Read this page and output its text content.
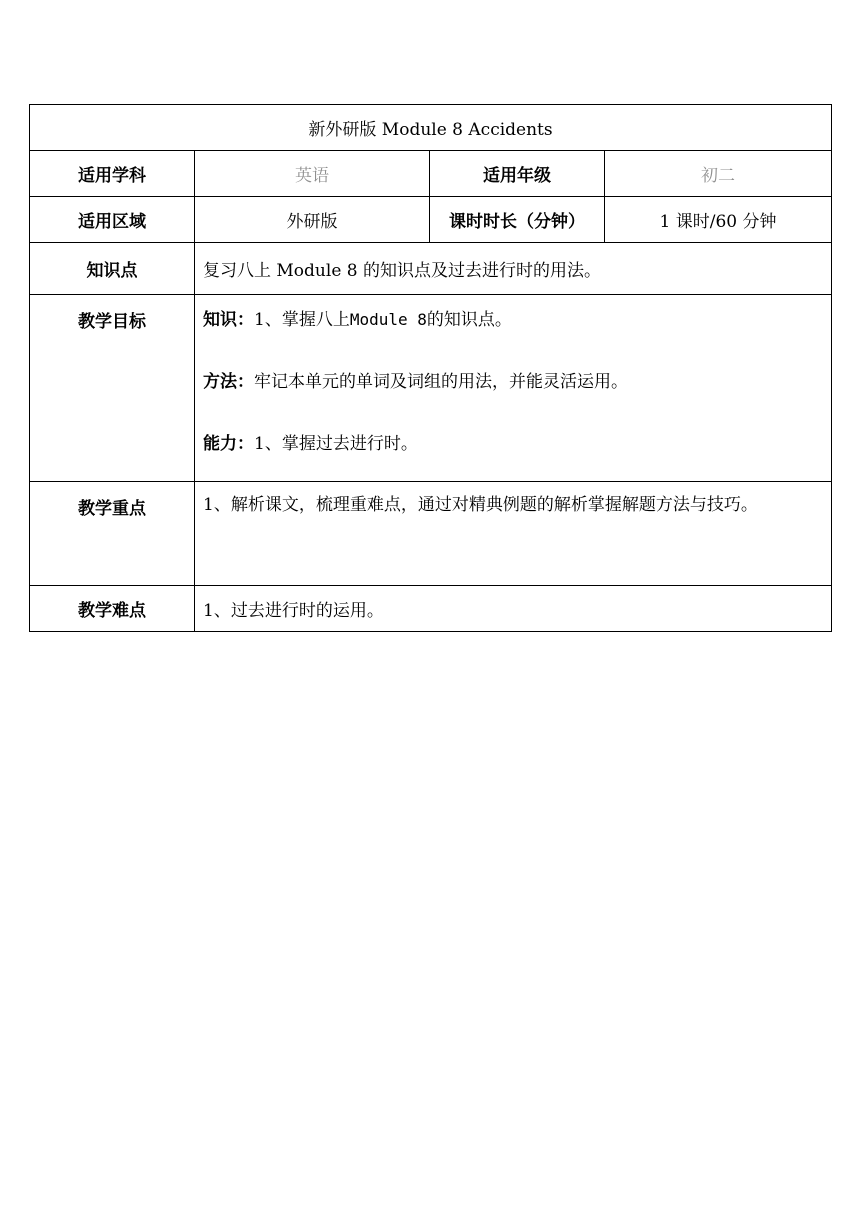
新外研版 Module 8 Accidents			
适用学科	英语	适用年级	初二
适用区域	外研版	课时时长（分钟）	1 课时/60 分钟
知识点	复习八上 Module 8 的知识点及过去进行时的用法。		
教学目标	知识：1、掌握八上Module 8的知识点。
方法：牢记本单元的单词及词组的用法，并能灵活运用。
能力：1、掌握过去进行时。		

教学重点	1、解析课文，梳理重难点，通过对精典例题的解析掌握解题方法与技巧。		
教学难点	1、过去进行时的运用。		
